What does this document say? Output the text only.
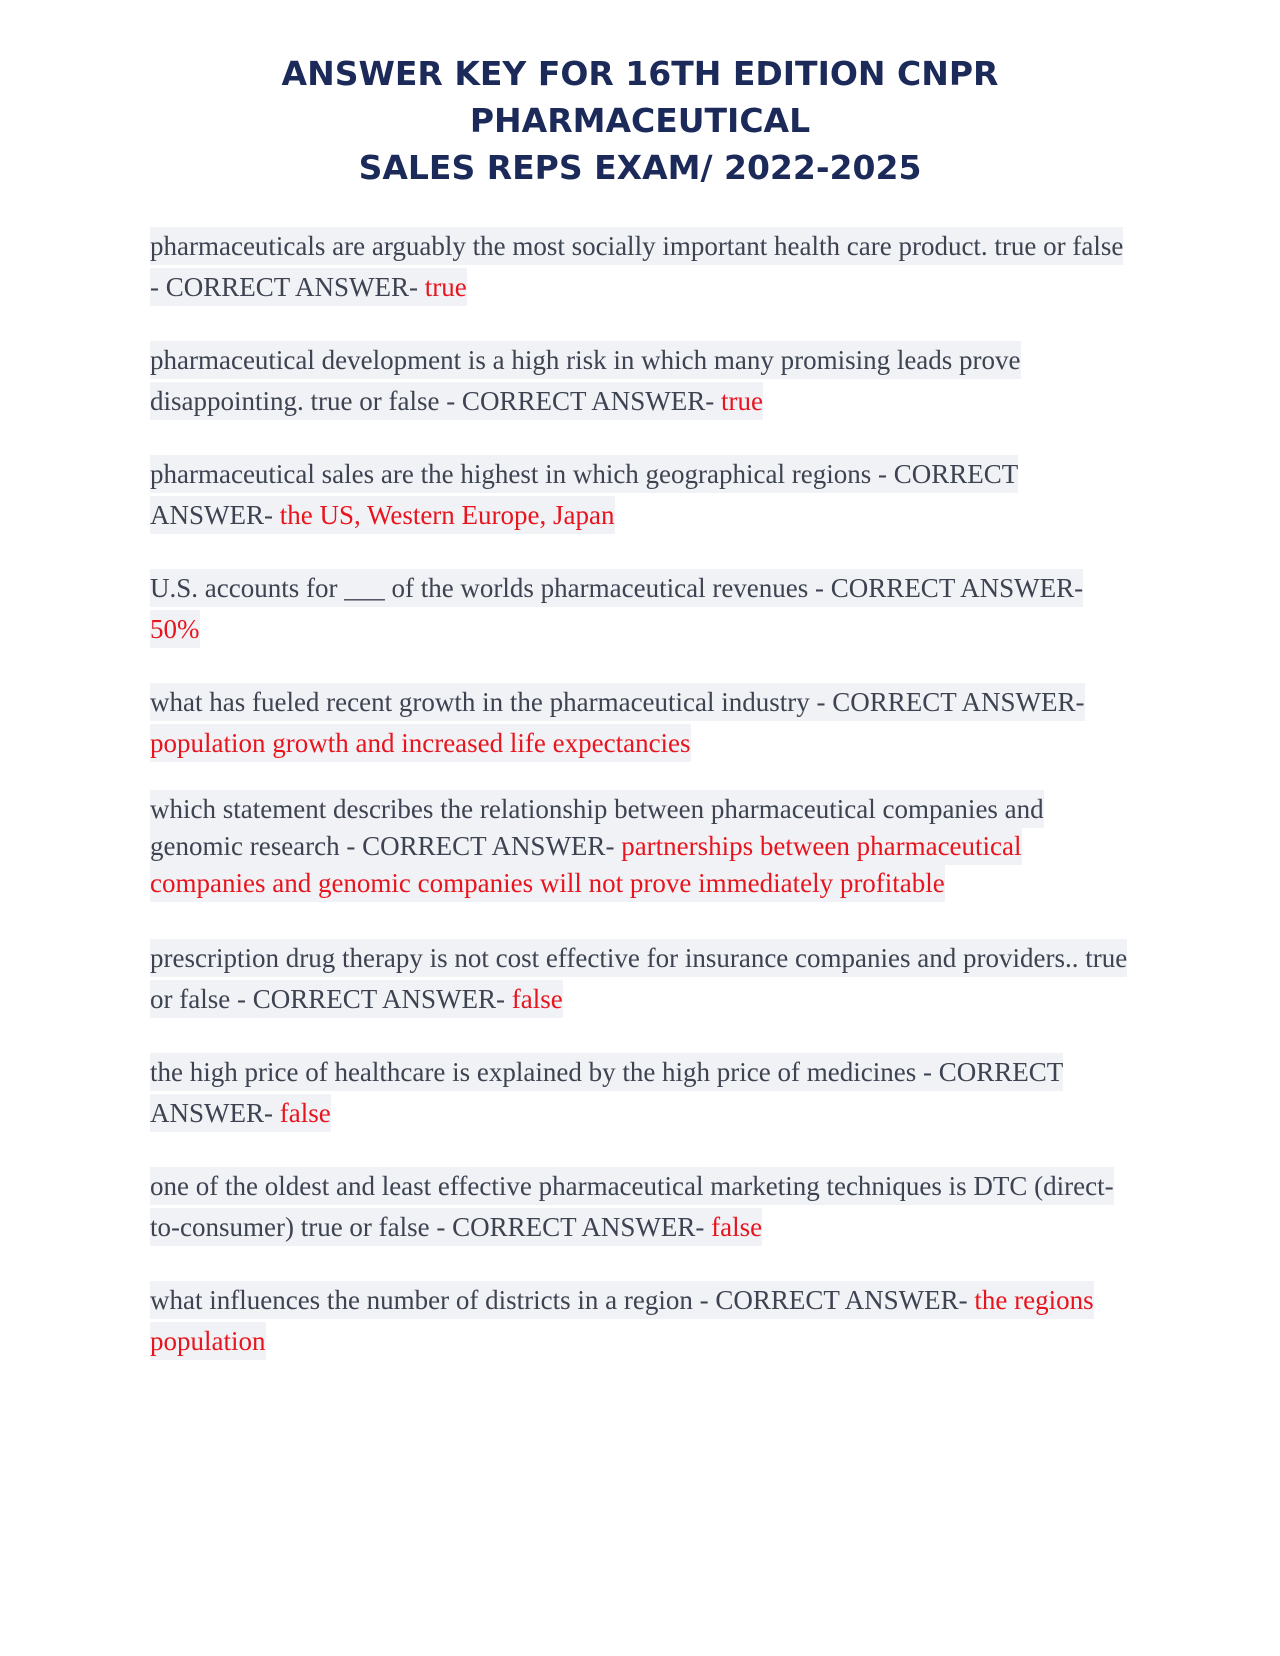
ANSWER KEY FOR 16TH EDITION CNPR PHARMACEUTICAL
SALES REPS EXAM/ 2022-2025

pharmaceuticals are arguably the most socially important health care product. true or false - CORRECT ANSWER- true

pharmaceutical development is a high risk in which many promising leads prove disappointing. true or false - CORRECT ANSWER- true

pharmaceutical sales are the highest in which geographical regions - CORRECT ANSWER- the US, Western Europe, Japan

U.S. accounts for ___ of the worlds pharmaceutical revenues - CORRECT ANSWER- 50%

what has fueled recent growth in the pharmaceutical industry - CORRECT ANSWER- population growth and increased life expectancies

which statement describes the relationship between pharmaceutical companies and genomic research - CORRECT ANSWER- partnerships between pharmaceutical companies and genomic companies will not prove immediately profitable

prescription drug therapy is not cost effective for insurance companies and providers.. true or false - CORRECT ANSWER- false

the high price of healthcare is explained by the high price of medicines - CORRECT ANSWER- false

one of the oldest and least effective pharmaceutical marketing techniques is DTC (direct-to-consumer) true or false - CORRECT ANSWER- false

what influences the number of districts in a region - CORRECT ANSWER- the regions population
